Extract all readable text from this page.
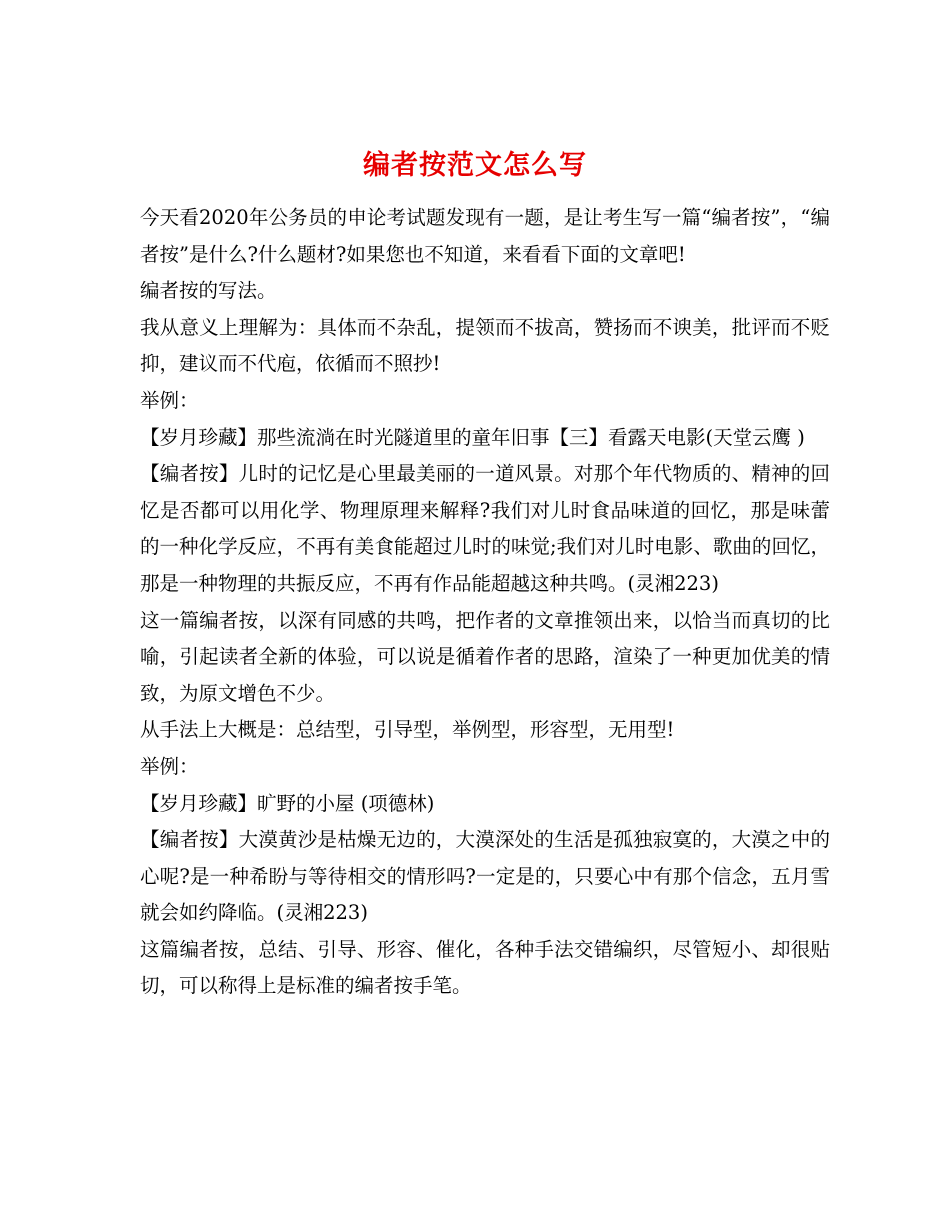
编者按范文怎么写

今天看2020年公务员的申论考试题发现有一题，是让考生写一篇“编者按”，“编者按”是什么?什么题材?如果您也不知道，来看看下面的文章吧!

编者按的写法。

我从意义上理解为：具体而不杂乱，提领而不拔高，赞扬而不谀美，批评而不贬抑，建议而不代庖，依循而不照抄!

举例：

【岁月珍藏】那些流淌在时光隧道里的童年旧事【三】看露天电影(天堂云鹰 )

【编者按】儿时的记忆是心里最美丽的一道风景。对那个年代物质的、精神的回忆是否都可以用化学、物理原理来解释?我们对儿时食品味道的回忆，那是味蕾的一种化学反应，不再有美食能超过儿时的味觉;我们对儿时电影、歌曲的回忆，那是一种物理的共振反应，不再有作品能超越这种共鸣。(灵湘223)

这一篇编者按，以深有同感的共鸣，把作者的文章推领出来，以恰当而真切的比喻，引起读者全新的体验，可以说是循着作者的思路，渲染了一种更加优美的情致，为原文增色不少。

从手法上大概是：总结型，引导型，举例型，形容型，无用型!

举例：

【岁月珍藏】旷野的小屋 (项德林)

【编者按】大漠黄沙是枯燥无边的，大漠深处的生活是孤独寂寞的，大漠之中的心呢?是一种希盼与等待相交的情形吗?一定是的，只要心中有那个信念，五月雪就会如约降临。(灵湘223)

这篇编者按，总结、引导、形容、催化，各种手法交错编织，尽管短小、却很贴切，可以称得上是标准的编者按手笔。
